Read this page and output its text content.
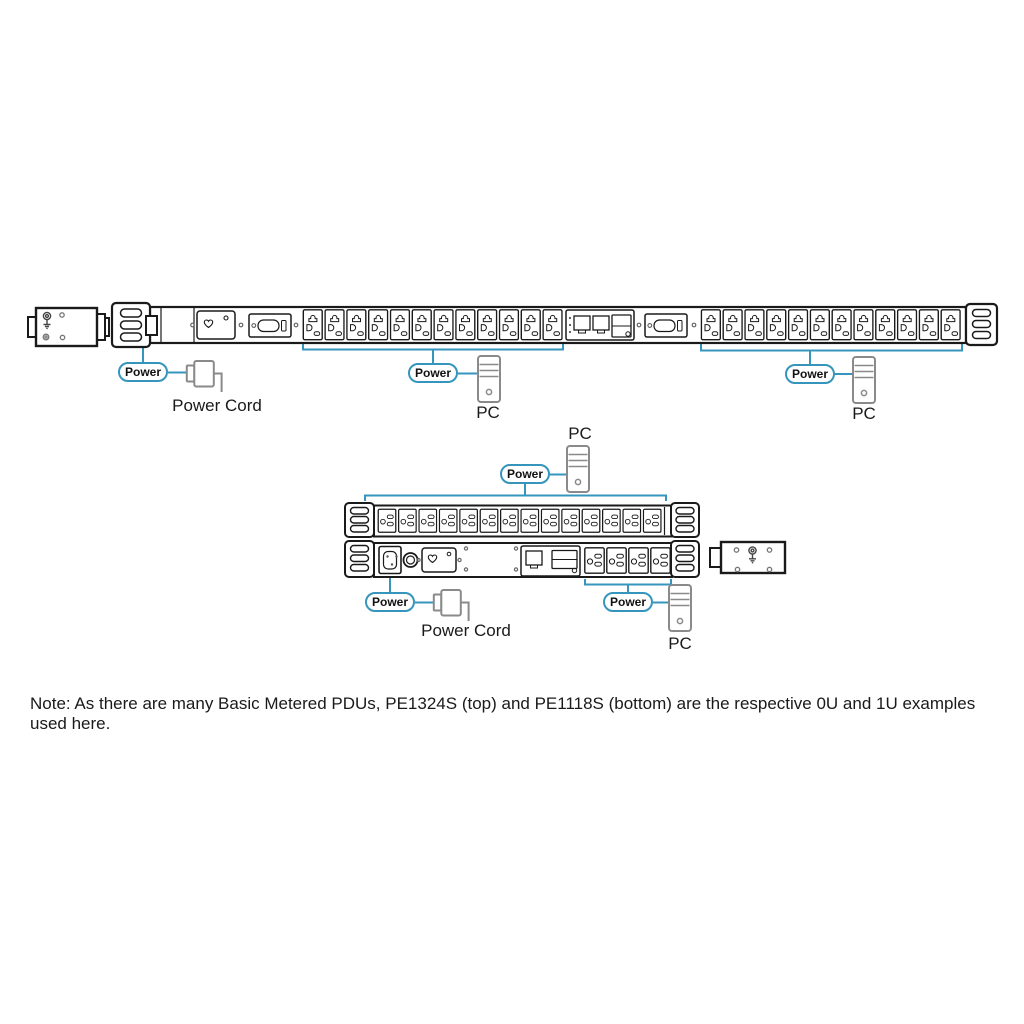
Power	Power	Power
Power
Power	Power
Power Cord
Power Cord
PC	PC
PC
PC
Note: As there are many Basic Metered PDUs, PE1324S (top) and PE1118S (bottom) are the respective 0U and 1U examples used here.
